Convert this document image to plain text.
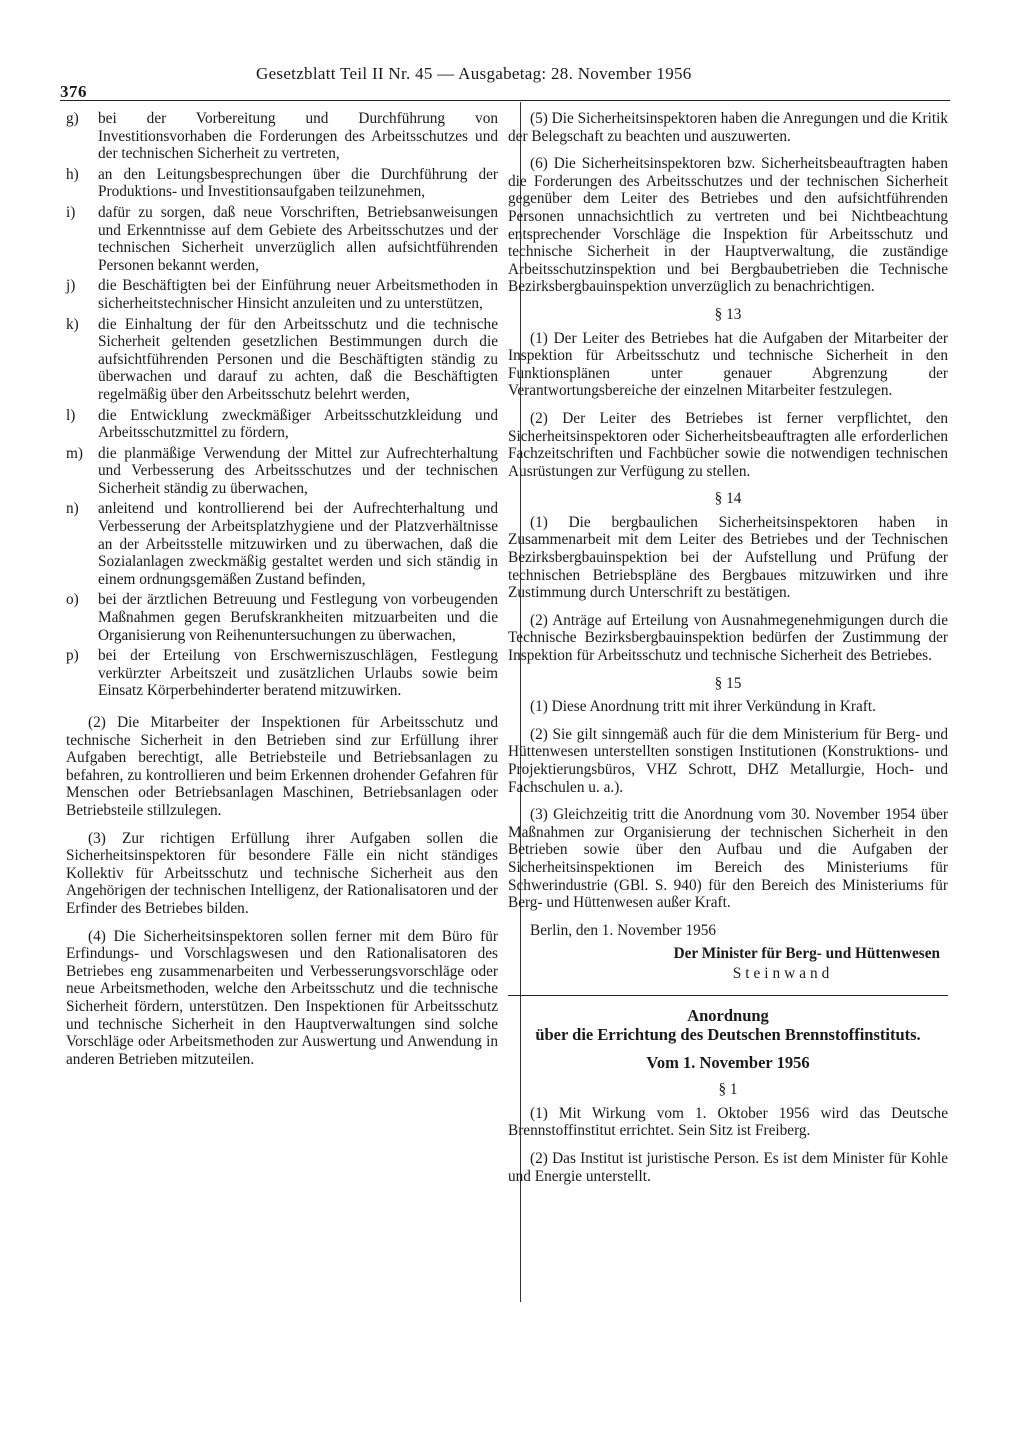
376
Gesetzblatt Teil II Nr. 45 — Ausgabetag: 28. November 1956
g)	bei der Vorbereitung und Durchführung von Investitionsvorhaben die Forderungen des Arbeitsschutzes und der technischen Sicherheit zu vertreten,
h)	an den Leitungsbesprechungen über die Durchführung der Produktions- und Investitionsaufgaben teilzunehmen,
i)	dafür zu sorgen, daß neue Vorschriften, Betriebsanweisungen und Erkenntnisse auf dem Gebiete des Arbeitsschutzes und der technischen Sicherheit unverzüglich allen aufsichtführenden Personen bekannt werden,
j)	die Beschäftigten bei der Einführung neuer Arbeitsmethoden in sicherheitstechnischer Hinsicht anzuleiten und zu unterstützen,
k)	die Einhaltung der für den Arbeitsschutz und die technische Sicherheit geltenden gesetzlichen Bestimmungen durch die aufsichtführenden Personen und die Beschäftigten ständig zu überwachen und darauf zu achten, daß die Beschäftigten regelmäßig über den Arbeitsschutz belehrt werden,
l)	die Entwicklung zweckmäßiger Arbeitsschutzkleidung und Arbeitsschutzmittel zu fördern,
m) die planmäßige Verwendung der Mittel zur Aufrechterhaltung und Verbesserung des Arbeitsschutzes und der technischen Sicherheit ständig zu überwachen,
n)	anleitend und kontrollierend bei der Aufrechterhaltung und Verbesserung der Arbeitsplatzhygiene und der Platzverhältnisse an der Arbeitsstelle mitzuwirken und zu überwachen, daß die Sozialanlagen zweckmäßig gestaltet werden und sich ständig in einem ordnungsgemäßen Zustand befinden,
o)	bei der ärztlichen Betreuung und Festlegung von vorbeugenden Maßnahmen gegen Berufskrankheiten mitzuarbeiten und die Organisierung von Reihenuntersuchungen zu überwachen,
p)	bei der Erteilung von Erschwerniszuschlägen, Festlegung verkürzter Arbeitszeit und zusätzlichen Urlaubs sowie beim Einsatz Körperbehinderter beratend mitzuwirken.

(2) Die Mitarbeiter der Inspektionen für Arbeitsschutz und technische Sicherheit in den Betrieben sind zur Erfüllung ihrer Aufgaben berechtigt, alle Betriebsteile und Betriebsanlagen zu befahren, zu kontrollieren und beim Erkennen drohender Gefahren für Menschen oder Betriebsanlagen Maschinen, Betriebsanlagen oder Betriebsteile stillzulegen.

(3) Zur richtigen Erfüllung ihrer Aufgaben sollen die Sicherheitsinspektoren für besondere Fälle ein nicht ständiges Kollektiv für Arbeitsschutz und technische Sicherheit aus den Angehörigen der technischen Intelligenz, der Rationalisatoren und der Erfinder des Betriebes bilden.

(4) Die Sicherheitsinspektoren sollen ferner mit dem Büro für Erfindungs- und Vorschlagswesen und den Rationalisatoren des Betriebes eng zusammenarbeiten und Verbesserungsvorschläge oder neue Arbeitsmethoden, welche den Arbeitsschutz und die technische Sicherheit fördern, unterstützen. Den Inspektionen für Arbeitsschutz und technische Sicherheit in den Hauptverwaltungen sind solche Vorschläge oder Arbeitsmethoden zur Auswertung und Anwendung in anderen Betrieben mitzuteilen.

(5) Die Sicherheitsinspektoren haben die Anregungen und die Kritik der Belegschaft zu beachten und auszuwerten.

(6) Die Sicherheitsinspektoren bzw. Sicherheitsbeauftragten haben die Forderungen des Arbeitsschutzes und der technischen Sicherheit gegenüber dem Leiter des Betriebes und den aufsichtführenden Personen unnachsichtlich zu vertreten und bei Nichtbeachtung entsprechender Vorschläge die Inspektion für Arbeitsschutz und technische Sicherheit in der Hauptverwaltung, die zuständige Arbeitsschutzinspektion und bei Bergbaubetrieben die Technische Bezirksbergbauinspektion unverzüglich zu benachrichtigen.

§ 13

(1) Der Leiter des Betriebes hat die Aufgaben der Mitarbeiter der Inspektion für Arbeitsschutz und technische Sicherheit in den Funktionsplänen unter genauer Abgrenzung der Verantwortungsbereiche der einzelnen Mitarbeiter festzulegen.

(2) Der Leiter des Betriebes ist ferner verpflichtet, den Sicherheitsinspektoren oder Sicherheitsbeauftragten alle erforderlichen Fachzeitschriften und Fachbücher sowie die notwendigen technischen Ausrüstungen zur Verfügung zu stellen.

§ 14

(1) Die bergbaulichen Sicherheitsinspektoren haben in Zusammenarbeit mit dem Leiter des Betriebes und der Technischen Bezirksbergbauinspektion bei der Aufstellung und Prüfung der technischen Betriebspläne des Bergbaues mitzuwirken und ihre Zustimmung durch Unterschrift zu bestätigen.

(2) Anträge auf Erteilung von Ausnahmegenehmigungen durch die Technische Bezirksbergbauinspektion bedürfen der Zustimmung der Inspektion für Arbeitsschutz und technische Sicherheit des Betriebes.

§ 15

(1) Diese Anordnung tritt mit ihrer Verkündung in Kraft.

(2) Sie gilt sinngemäß auch für die dem Ministerium für Berg- und Hüttenwesen unterstellten sonstigen Institutionen (Konstruktions- und Projektierungsbüros, VHZ Schrott, DHZ Metallurgie, Hoch- und Fachschulen u. a.).

(3) Gleichzeitig tritt die Anordnung vom 30. November 1954 über Maßnahmen zur Organisierung der technischen Sicherheit in den Betrieben sowie über den Aufbau und die Aufgaben der Sicherheitsinspektionen im Bereich des Ministeriums für Schwerindustrie (GBl. S. 940) für den Bereich des Ministeriums für Berg- und Hüttenwesen außer Kraft.

Berlin, den 1. November 1956
Der Minister für Berg- und Hüttenwesen
Steinwand
Anordnung
über die Errichtung des Deutschen Brennstoffinstituts.
Vom 1. November 1956
§ 1

(1) Mit Wirkung vom 1. Oktober 1956 wird das Deutsche Brennstoffinstitut errichtet. Sein Sitz ist Freiberg.

(2) Das Institut ist juristische Person. Es ist dem Minister für Kohle und Energie unterstellt.
